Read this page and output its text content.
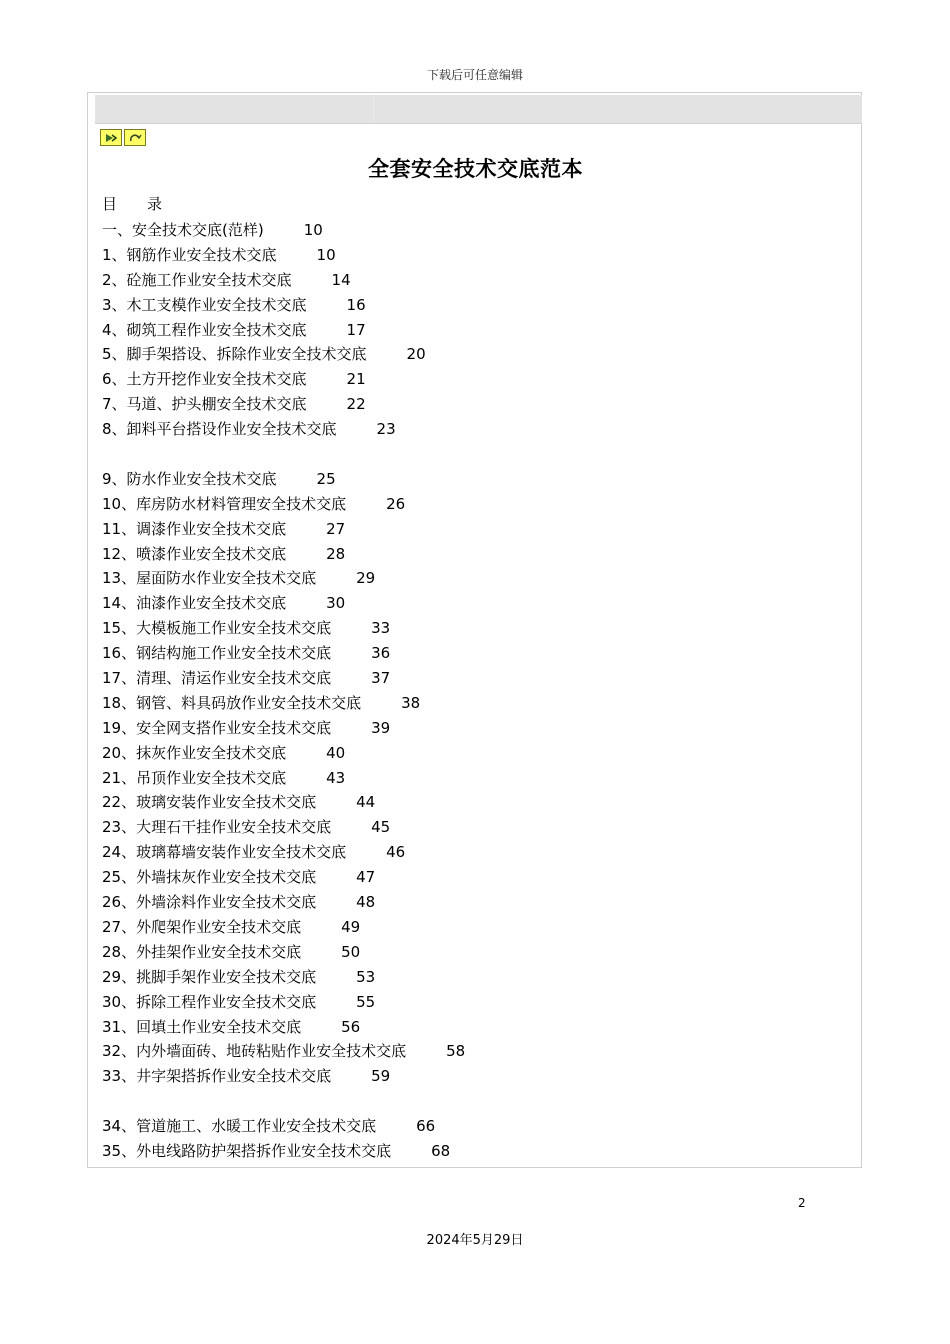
下载后可任意编辑
全套安全技术交底范本
目 录
一、安全技术交底(范样)	10
1、钢筋作业安全技术交底	10
2、砼施工作业安全技术交底	14
3、木工支模作业安全技术交底	16
4、砌筑工程作业安全技术交底	17
5、脚手架搭设、拆除作业安全技术交底	20
6、土方开挖作业安全技术交底	21
7、马道、护头棚安全技术交底	22
8、卸料平台搭设作业安全技术交底	23
9、防水作业安全技术交底	25
10、库房防水材料管理安全技术交底	26
11、调漆作业安全技术交底	27
12、喷漆作业安全技术交底	28
13、屋面防水作业安全技术交底	29
14、油漆作业安全技术交底	30
15、大模板施工作业安全技术交底	33
16、钢结构施工作业安全技术交底	36
17、清理、清运作业安全技术交底	37
18、钢管、料具码放作业安全技术交底	38
19、安全网支搭作业安全技术交底	39
20、抹灰作业安全技术交底	40
21、吊顶作业安全技术交底	43
22、玻璃安装作业安全技术交底	44
23、大理石干挂作业安全技术交底	45
24、玻璃幕墙安装作业安全技术交底	46
25、外墙抹灰作业安全技术交底	47
26、外墙涂料作业安全技术交底	48
27、外爬架作业安全技术交底	49
28、外挂架作业安全技术交底	50
29、挑脚手架作业安全技术交底	53
30、拆除工程作业安全技术交底	55
31、回填土作业安全技术交底	56
32、内外墙面砖、地砖粘贴作业安全技术交底	58
33、井字架搭拆作业安全技术交底	59
34、管道施工、水暖工作业安全技术交底	66
35、外电线路防护架搭拆作业安全技术交底	68
2
2024年5月29日
